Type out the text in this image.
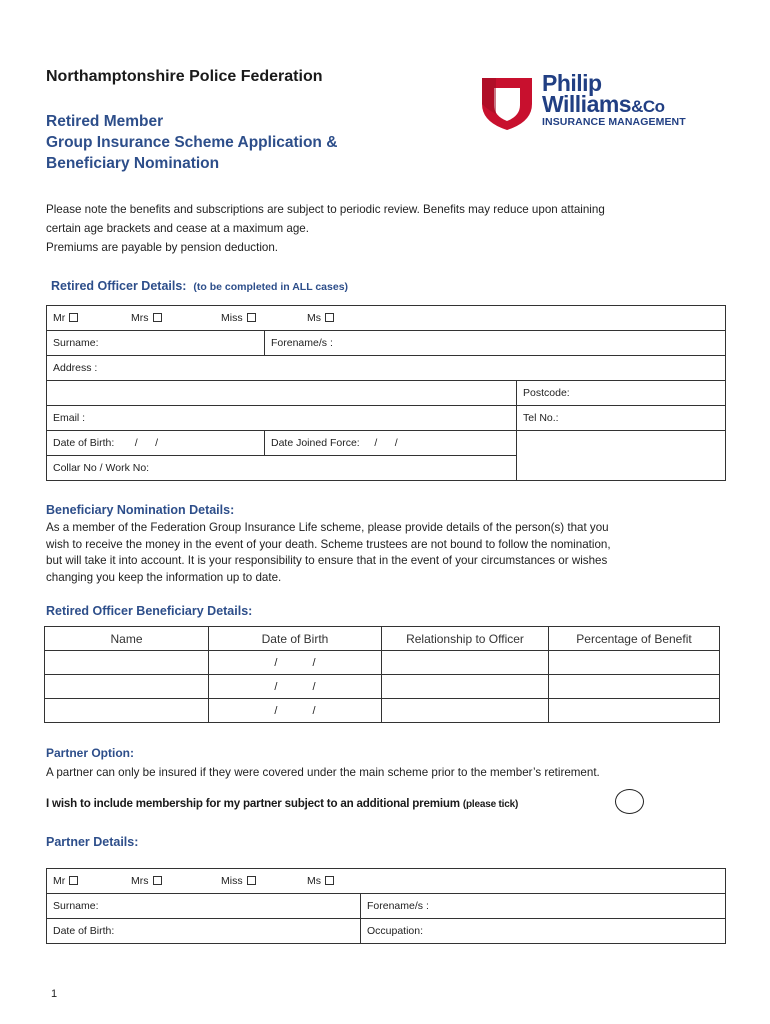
Northamptonshire Police Federation
Retired Member
Group Insurance Scheme Application &
Beneficiary Nomination
Philip
Williams&Co
INSURANCE MANAGEMENT
Please note the benefits and subscriptions are subject to periodic review. Benefits may reduce upon attaining
certain age brackets and cease at a maximum age.
Premiums are payable by pension deduction.
Retired Officer Details: (to be completed in ALL cases)
Mr Mrs Miss Ms		
Surname:	Forename/s :	
Address :		
		Postcode:
Email :		Tel No.:
Date of Birth: /      /	Date Joined Force: /      /	
Collar No / Work No:		
Beneficiary Nomination Details:
As a member of the Federation Group Insurance Life scheme, please provide details of the person(s) that you
wish to receive the money in the event of your death. Scheme trustees are not bound to follow the nomination,
but will take it into account. It is your responsibility to ensure that in the event of your circumstances or wishes
changing you keep the information up to date.
Retired Officer Beneficiary Details:
Name	Date of Birth	Relationship to Officer	Percentage of Benefit
	/ /		
	/ /		
	/ /		
Partner Option:
A partner can only be insured if they were covered under the main scheme prior to the member’s retirement.
I wish to include membership for my partner subject to an additional premium (please tick)
Partner Details:
Mr Mrs Miss Ms	
Surname:	Forename/s :
Date of Birth:	Occupation:
1
